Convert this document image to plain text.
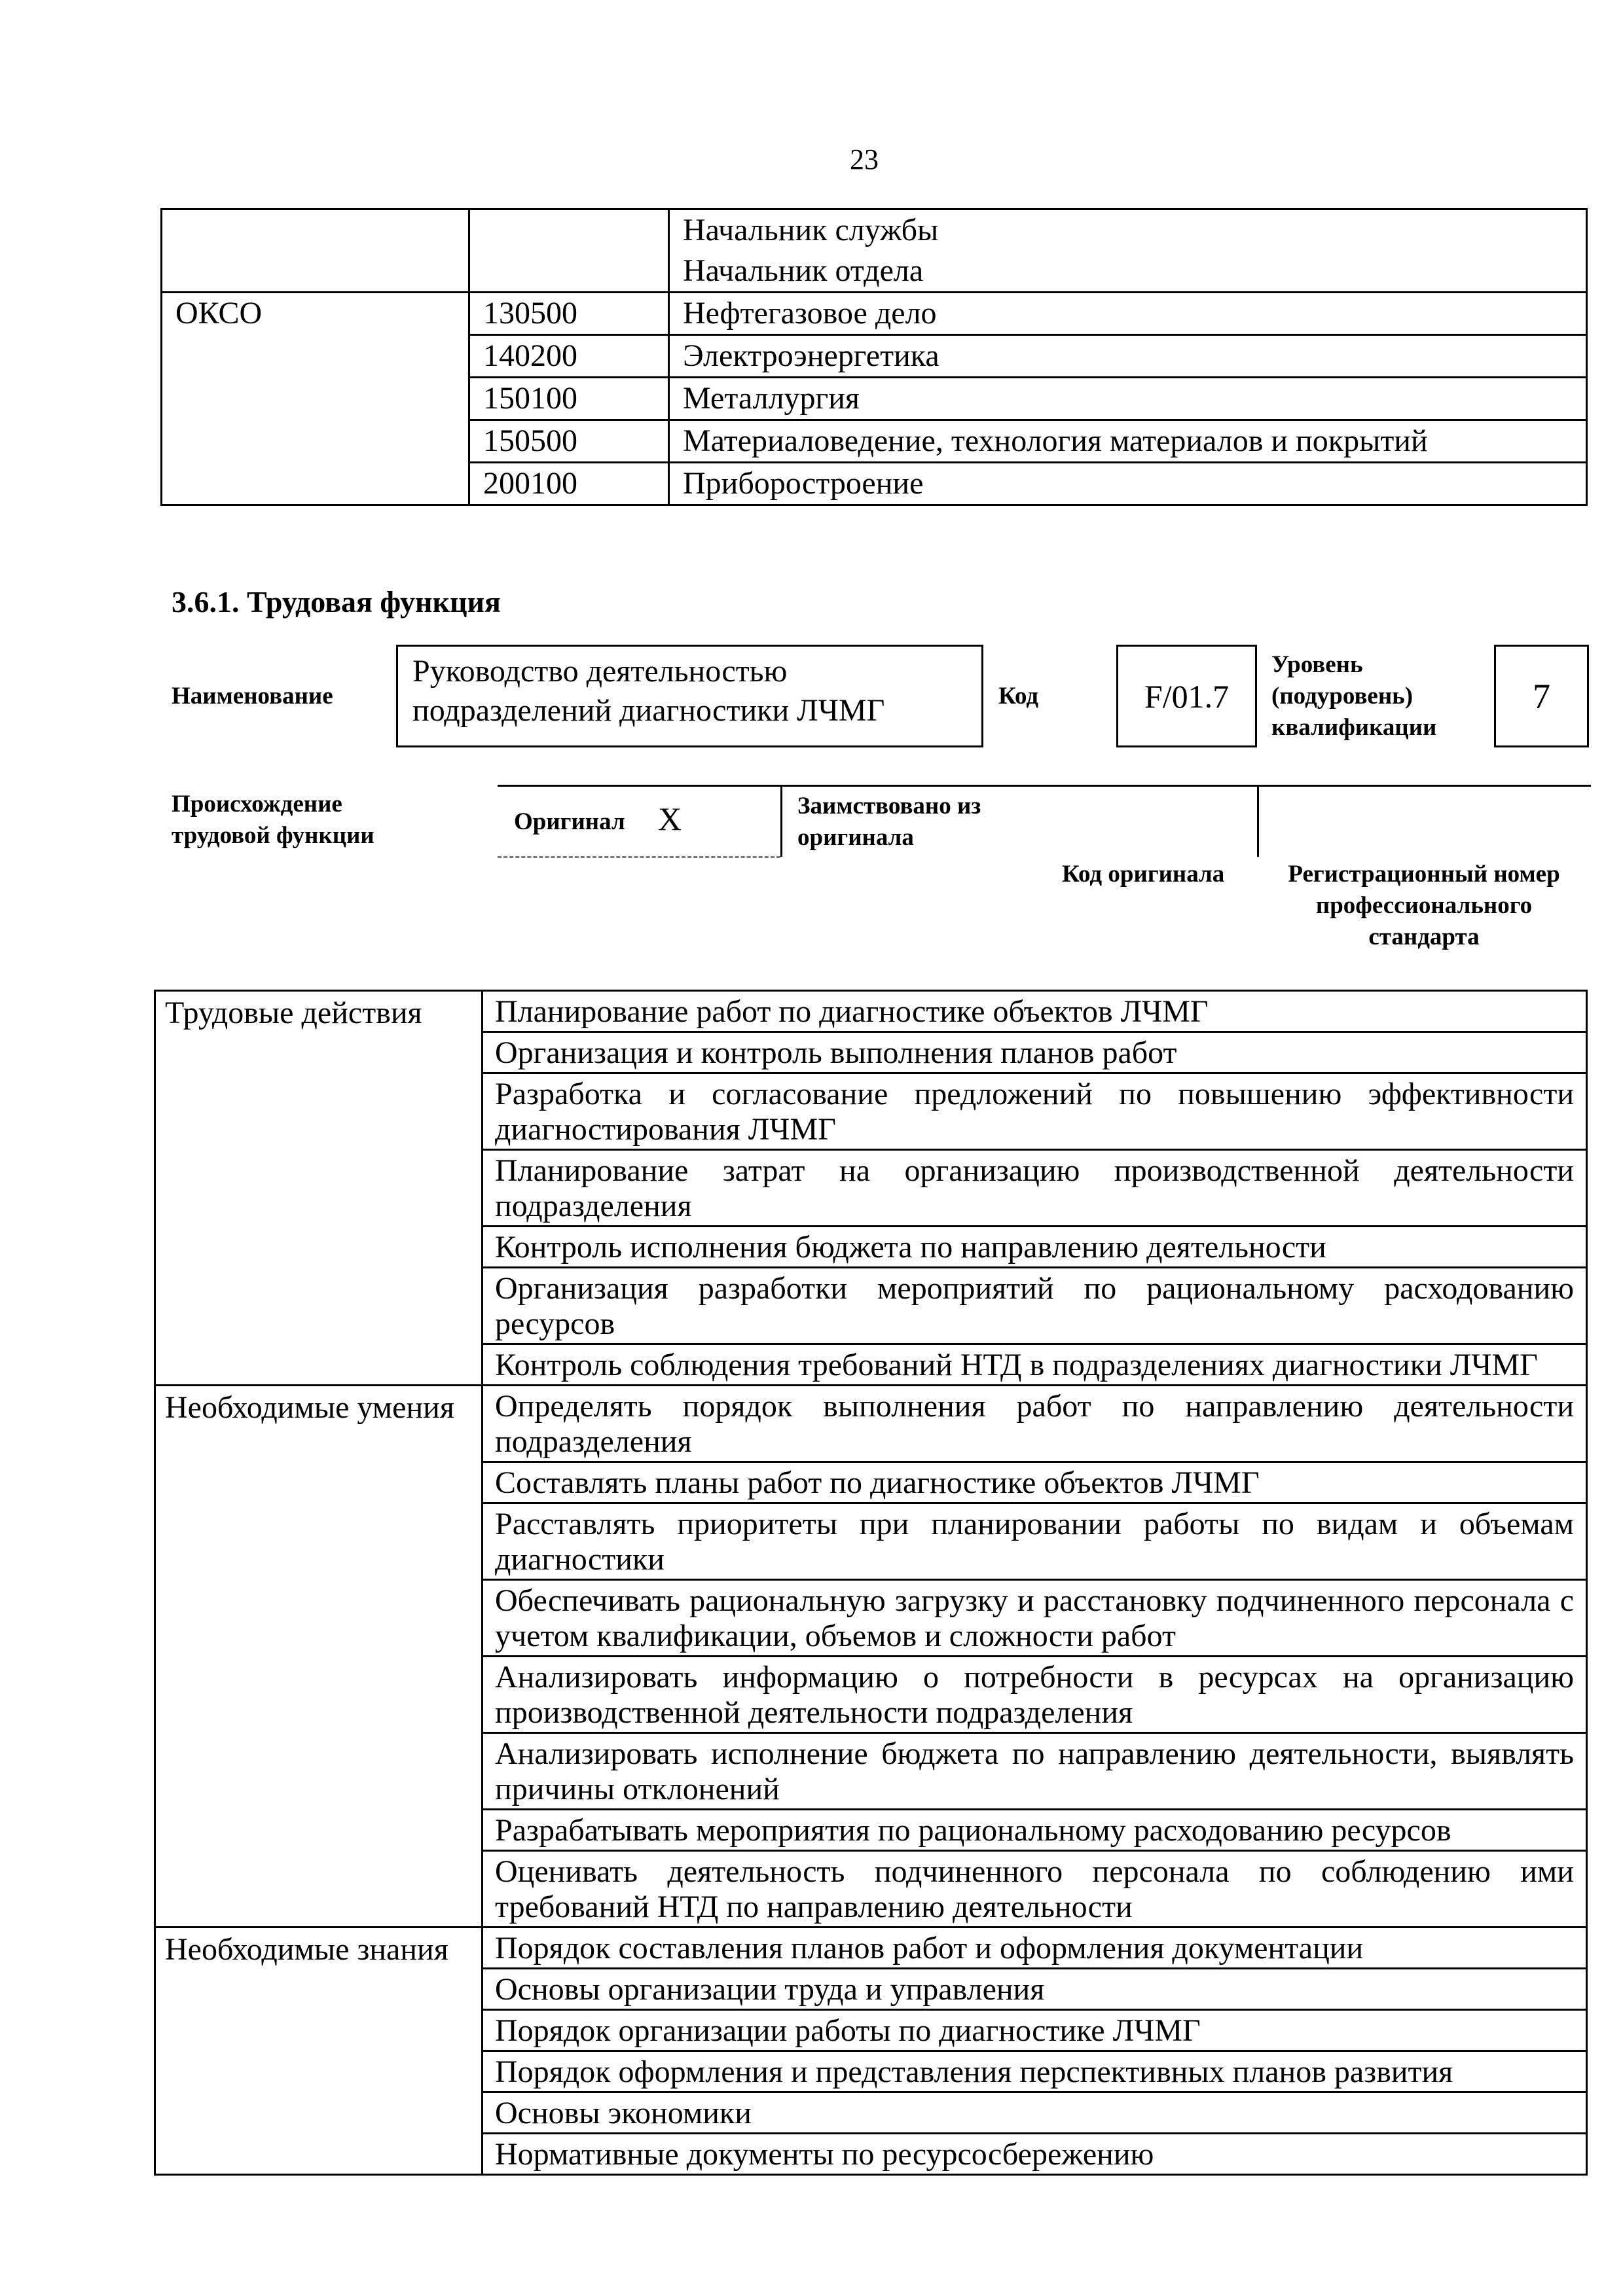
23

		Начальник службы
Начальник отдела

ОКСО	130500	Нефтегазовое дело
	140200	Электроэнергетика
	150100	Металлургия
	150500	Материаловедение, технология материалов и покрытий
	200100	Приборостроение
3.6.1. Трудовая функция
Наименование
Руководство деятельностью подразделений диагностики ЛЧМГ	Код	F/01.7
Уровень (подуровень) квалификации
7
Происхождение трудовой функции
Оригинал X	Заимствовано из оригинала
Код оригинала	Регистрационный номер профессионального стандарта
Трудовые действия	Планирование работ по диагностике объектов ЛЧМГ
	Организация и контроль выполнения планов работ
	Разработка и согласование предложений по повышению эффективности диагностирования ЛЧМГ
	Планирование затрат на организацию производственной деятельности подразделения
	Контроль исполнения бюджета по направлению деятельности
	Организация разработки мероприятий по рациональному расходованию ресурсов
	Контроль соблюдения требований НТД в подразделениях диагностики ЛЧМГ
Необходимые умения	Определять порядок выполнения работ по направлению деятельности подразделения
	Составлять планы работ по диагностике объектов ЛЧМГ
	Расставлять приоритеты при планировании работы по видам и объемам диагностики
	Обеспечивать рациональную загрузку и расстановку подчиненного персонала с учетом квалификации, объемов и сложности работ
	Анализировать информацию о потребности в ресурсах на организацию производственной деятельности подразделения
	Анализировать исполнение бюджета по направлению деятельности, выявлять причины отклонений
	Разрабатывать мероприятия по рациональному расходованию ресурсов
	Оценивать деятельность подчиненного персонала по соблюдению ими требований НТД по направлению деятельности
Необходимые знания	Порядок составления планов работ и оформления документации
	Основы организации труда и управления
	Порядок организации работы по диагностике ЛЧМГ
	Порядок оформления и представления перспективных планов развития
	Основы экономики
	Нормативные документы по ресурсосбережению
